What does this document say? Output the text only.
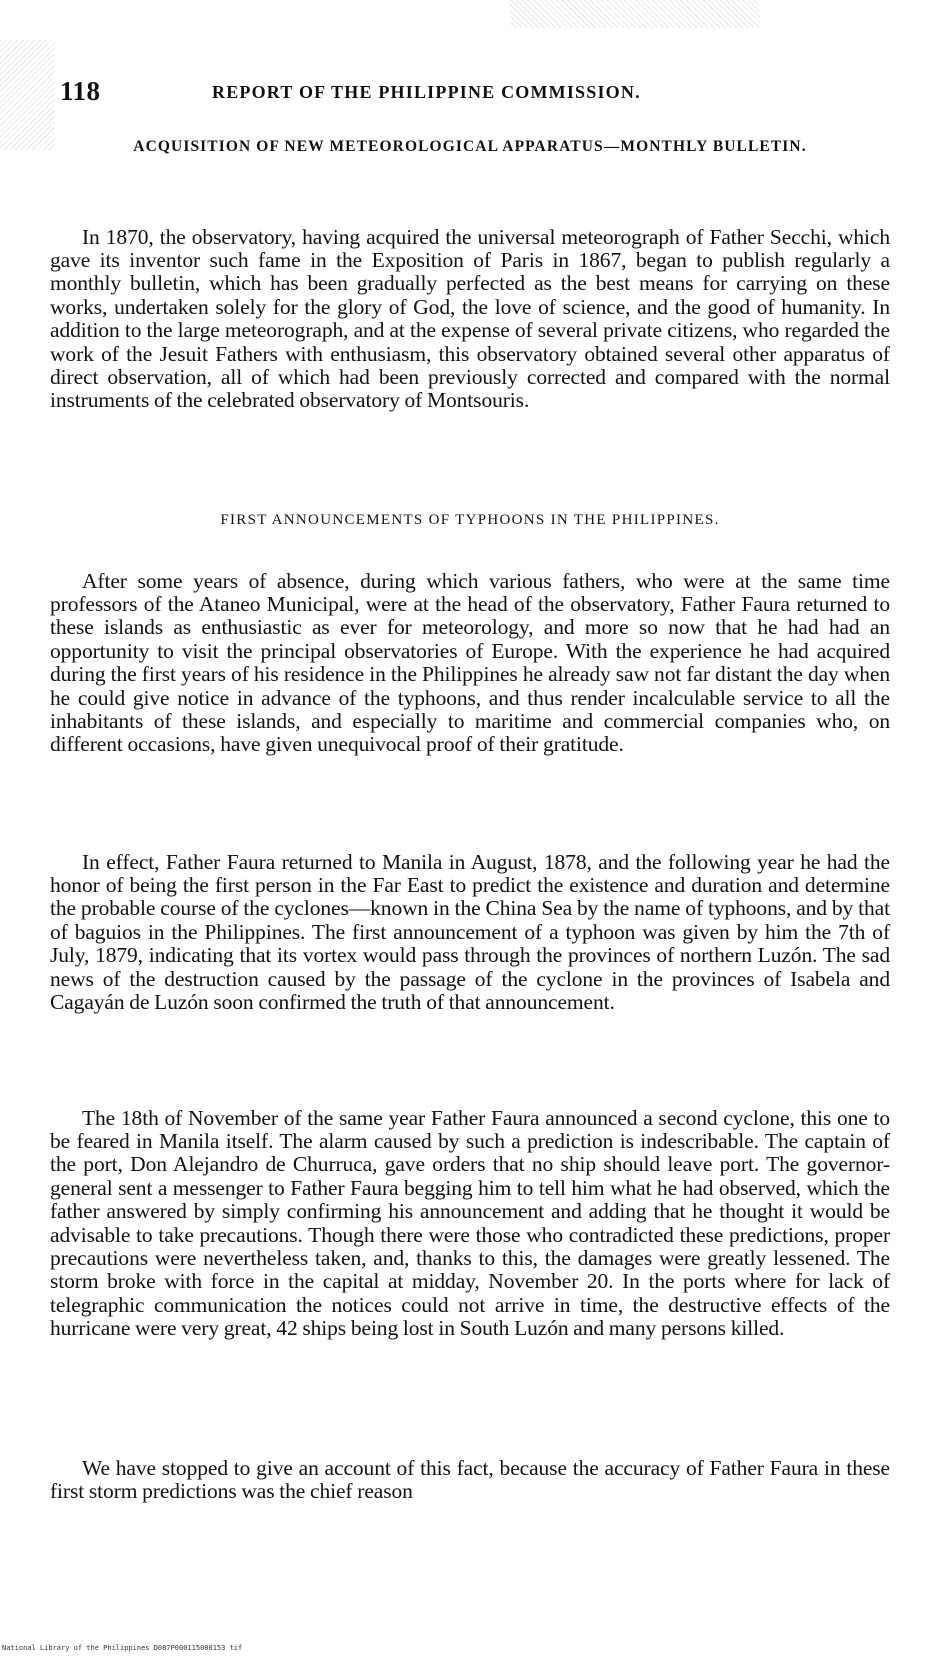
118	REPORT OF THE PHILIPPINE COMMISSION.
ACQUISITION OF NEW METEOROLOGICAL APPARATUS—MONTHLY BULLETIN.

In 1870, the observatory, having acquired the universal meteorograph of Father Secchi, which gave its inventor such fame in the Exposition of Paris in 1867, began to publish regularly a monthly bulletin, which has been gradually perfected as the best means for carrying on these works, undertaken solely for the glory of God, the love of science, and the good of humanity. In addition to the large meteorograph, and at the expense of several private citizens, who regarded the work of the Jesuit Fathers with enthusiasm, this observatory obtained several other apparatus of direct observation, all of which had been previously corrected and compared with the normal instruments of the celebrated observatory of Montsouris.

FIRST ANNOUNCEMENTS OF TYPHOONS IN THE PHILIPPINES.

After some years of absence, during which various fathers, who were at the same time professors of the Ataneo Municipal, were at the head of the observatory, Father Faura returned to these islands as enthusiastic as ever for meteorology, and more so now that he had had an opportunity to visit the principal observatories of Europe. With the experience he had acquired during the first years of his residence in the Philippines he already saw not far distant the day when he could give notice in advance of the typhoons, and thus render incalculable service to all the inhabitants of these islands, and especially to maritime and commercial companies who, on different occasions, have given unequivocal proof of their gratitude.

In effect, Father Faura returned to Manila in August, 1878, and the following year he had the honor of being the first person in the Far East to predict the existence and duration and determine the probable course of the cyclones—known in the China Sea by the name of typhoons, and by that of baguios in the Philippines. The first announcement of a typhoon was given by him the 7th of July, 1879, indicating that its vortex would pass through the provinces of northern Luzón. The sad news of the destruction caused by the passage of the cyclone in the provinces of Isabela and Cagayán de Luzón soon confirmed the truth of that announcement.

The 18th of November of the same year Father Faura announced a second cyclone, this one to be feared in Manila itself. The alarm caused by such a prediction is indescribable. The captain of the port, Don Alejandro de Churruca, gave orders that no ship should leave port. The governor-general sent a messenger to Father Faura begging him to tell him what he had observed, which the father answered by simply confirming his announcement and adding that he thought it would be advisable to take precautions. Though there were those who contradicted these predictions, proper precautions were nevertheless taken, and, thanks to this, the damages were greatly lessened. The storm broke with force in the capital at midday, November 20. In the ports where for lack of telegraphic communication the notices could not arrive in time, the destructive effects of the hurricane were very great, 42 ships being lost in South Luzón and many persons killed.

We have stopped to give an account of this fact, because the accuracy of Father Faura in these first storm predictions was the chief reason

National Library of the Philippines D087P000115080153 tif
